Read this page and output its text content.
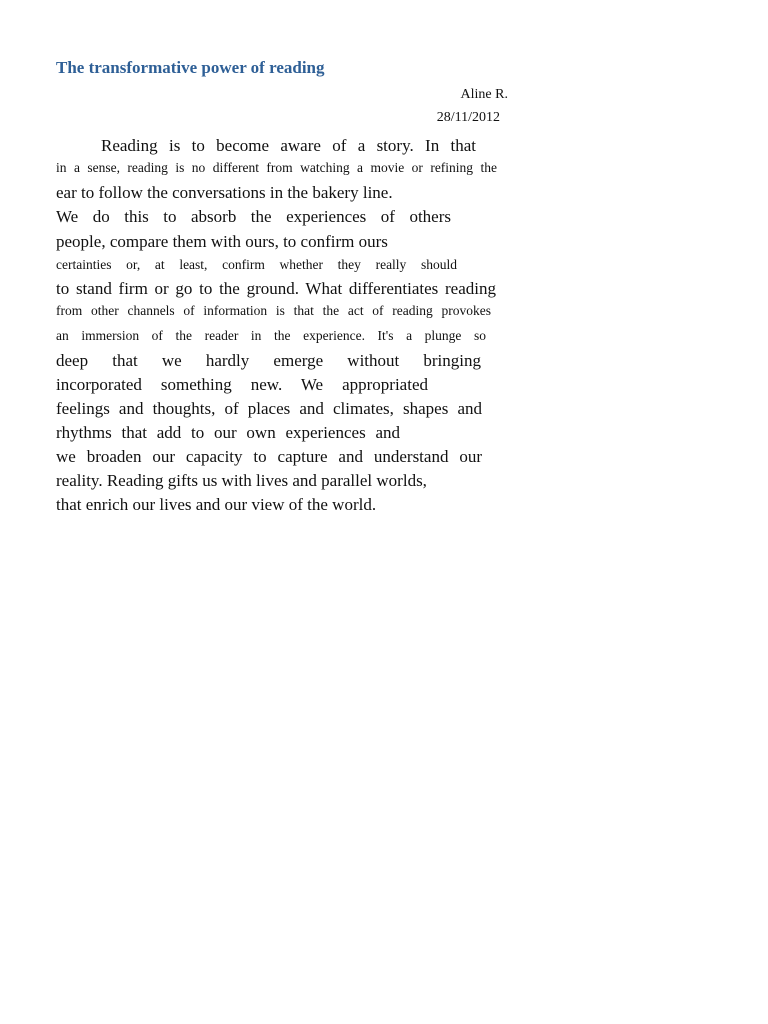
The transformative power of reading
Aline R.
28/11/2012
Reading is to become aware of a story. In that
in a sense, reading is no different from watching a movie or refining the
ear to follow the conversations in the bakery line.
We do this to absorb the experiences of others
people, compare them with ours, to confirm ours
certainties or, at least, confirm whether they really should
to stand firm or go to the ground. What differentiates reading
from other channels of information is that the act of reading provokes
an immersion of the reader in the experience. It's a plunge so
deep that we hardly emerge without bringing
incorporated something new. We appropriated
feelings and thoughts, of places and climates, shapes and
rhythms that add to our own experiences and
we broaden our capacity to capture and understand our
reality. Reading gifts us with lives and parallel worlds,
that enrich our lives and our view of the world.
